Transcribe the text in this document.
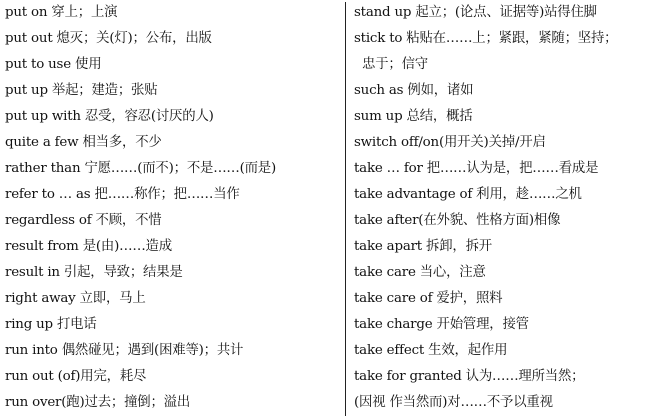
put on 穿上；上演
put out 熄灭；关(灯)；公布，出版
put to use 使用
put up 举起；建造；张贴
put up with 忍受，容忍(讨厌的人)
quite a few 相当多，不少
rather than 宁愿……(而不)；不是……(而是)
refer to … as 把……称作；把……当作
regardless of 不顾，不惜
result from 是(由)……造成
result in 引起，导致；结果是
right away 立即，马上
ring up 打电话
run into 偶然碰见；遇到(困难等)；共计
run out (of)用完，耗尽
run over(跑)过去；撞倒；溢出
stand up 起立；(论点、证据等)站得住脚
stick to 粘贴在……上；紧跟，紧随；坚持；
忠于；信守
such as 例如，诸如
sum up 总结，概括
switch off/on(用开关)关掉/开启
take … for 把……认为是，把……看成是
take advantage of 利用，趁……之机
take after(在外貌、性格方面)相像
take apart 拆卸，拆开
take care 当心，注意
take care of 爱护，照料
take charge 开始管理，接管
take effect 生效，起作用
take for granted 认为……理所当然；
(因视 作当然而)对……不予以重视
